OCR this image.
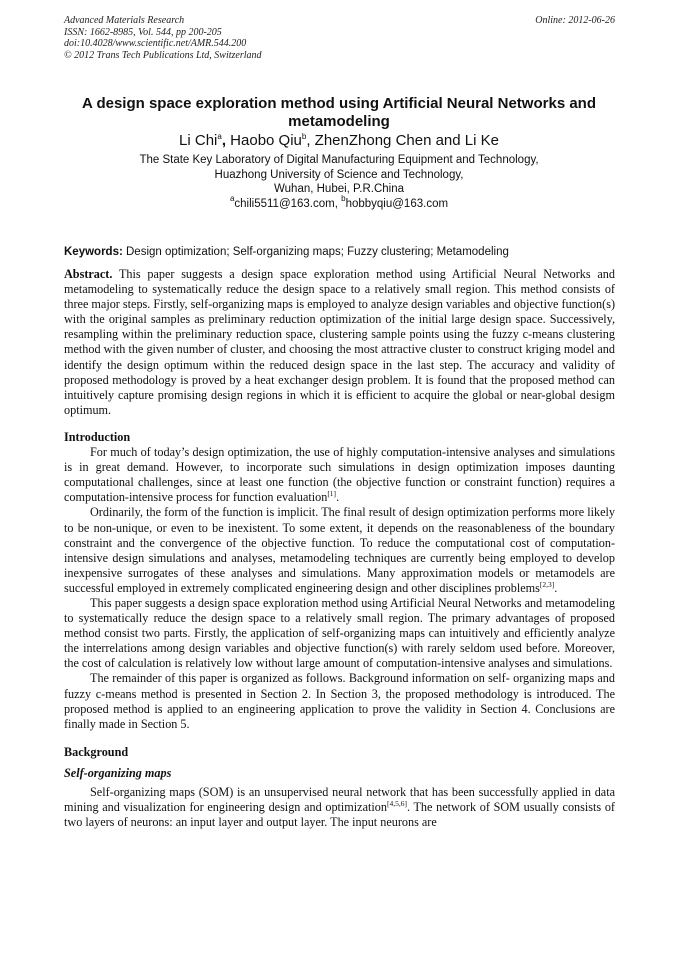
Advanced Materials Research
ISSN: 1662-8985, Vol. 544, pp 200-205
doi:10.4028/www.scientific.net/AMR.544.200
© 2012 Trans Tech Publications Ltd, Switzerland
Online: 2012-06-26
A design space exploration method using Artificial Neural Networks and metamodeling
Li Chi$^a$, Haobo Qiu$^b$, ZhenZhong Chen and Li Ke
The State Key Laboratory of Digital Manufacturing Equipment and Technology,
Huazhong University of Science and Technology,
Wuhan, Hubei, P.R.China
$^a$chili5511@163.com, $^b$hobbyqiu@163.com
Keywords: Design optimization; Self-organizing maps; Fuzzy clustering; Metamodeling

Abstract. This paper suggests a design space exploration method using Artificial Neural Networks and metamodeling to systematically reduce the design space to a relatively small region. This method consists of three major steps. Firstly, self-organizing maps is employed to analyze design variables and objective function(s) with the original samples as preliminary reduction optimization of the initial large design space. Successively, resampling within the preliminary reduction space, clustering sample points using the fuzzy c-means clustering method with the given number of cluster, and choosing the most attractive cluster to construct kriging model and identify the design optimum within the reduced design space in the last step. The accuracy and validity of proposed methodology is proved by a heat exchanger design problem. It is found that the proposed method can intuitively capture promising design regions in which it is efficient to acquire the global or near-global desigm optimum.

Introduction

For much of today’s design optimization, the use of highly computation-intensive analyses and simulations is in great demand. However, to incorporate such simulations in design optimization imposes daunting computational challenges, since at least one function (the objective function or constraint function) requires a computation-intensive process for function evaluation[1].

Ordinarily, the form of the function is implicit. The final result of design optimization performs more likely to be non-unique, or even to be inexistent. To some extent, it depends on the reasonableness of the boundary constraint and the convergence of the objective function. To reduce the computational cost of computation-intensive design simulations and analyses, metamodeling techniques are currently being employed to develop inexpensive surrogates of these analyses and simulations. Many approximation models or metamodels are successful employed in extremely complicated engineering design and other disciplines problems[2,3].

This paper suggests a design space exploration method using Artificial Neural Networks and metamodeling to systematically reduce the design space to a relatively small region. The primary advantages of proposed method consist two parts. Firstly, the application of self-organizing maps can intuitively and efficiently analyze the interrelations among design variables and objective function(s) with rarely seldom used before. Moreover, the cost of calculation is relatively low without large amount of computation-intensive analyses and simulations.

The remainder of this paper is organized as follows. Background information on self- organizing maps and fuzzy c-means method is presented in Section 2. In Section 3, the proposed methodology is introduced. The proposed method is applied to an engineering application to prove the validity in Section 4. Conclusions are finally made in Section 5.

Background

Self-organizing maps

Self-organizing maps (SOM) is an unsupervised neural network that has been successfully applied in data mining and visualization for engineering design and optimization[4,5,6]. The network of SOM usually consists of two layers of neurons: an input layer and output layer. The input neurons are
